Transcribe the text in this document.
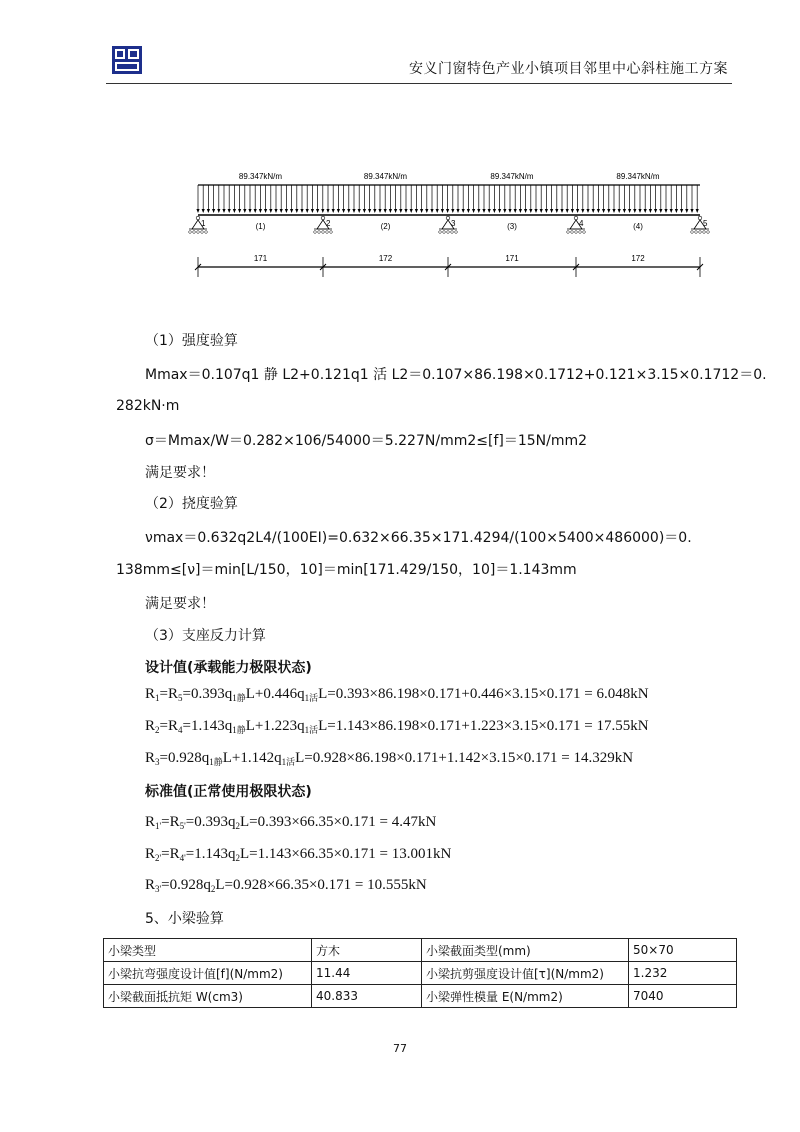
安义门窗特色产业小镇项目邻里中心斜柱施工方案
89.347kN/m
(1)
89.347kN/m
(2)
89.347kN/m
(3)
89.347kN/m
(4)
1	2	3	4	5
171	172	171	172
（1）强度验算
Mmax＝0.107q1 静 L2+0.121q1 活 L2＝0.107×86.198×0.1712+0.121×3.15×0.1712＝0.
282kN·m
σ＝Mmax/W＝0.282×106/54000＝5.227N/mm2≤[f]＝15N/mm2
满足要求！
（2）挠度验算
νmax＝0.632q2L4/(100EI)=0.632×66.35×171.4294/(100×5400×486000)＝0.
138mm≤[ν]＝min[L/150，10]＝min[171.429/150，10]＝1.143mm
满足要求！
（3）支座反力计算
设计值(承载能力极限状态)
$R_1=R_5=0.393q_{1静}L+0.446q_{1活}L=0.393\times 86.198\times 0.171+0.446\times 3.15\times 0.171 = 6.048kN$
$R_2=R_4=1.143q_{1静}L+1.223q_{1活}L=1.143\times 86.198\times 0.171+1.223\times 3.15\times 0.171 = 17.55kN$
$R_3=0.928q_{1静}L+1.142q_{1活}L=0.928\times 86.198\times 0.171+1.142\times 3.15\times 0.171 = 14.329kN$
标准值(正常使用极限状态)
$R_{1'}=R_{5'}=0.393q_2L=0.393\times 66.35\times 0.171 = 4.47kN$
$R_{2'}=R_{4'}=1.143q_2L=1.143\times 66.35\times 0.171 = 13.001kN$
$R_{3'}=0.928q_2L=0.928\times 66.35\times 0.171 = 10.555kN$
5、小梁验算
小梁类型	方木	小梁截面类型(mm)	50×70
小梁抗弯强度设计值[f](N/mm2)	11.44	小梁抗剪强度设计值[τ](N/mm2)	1.232
小梁截面抵抗矩 W(cm3)	40.833	小梁弹性模量 E(N/mm2)	7040
77
